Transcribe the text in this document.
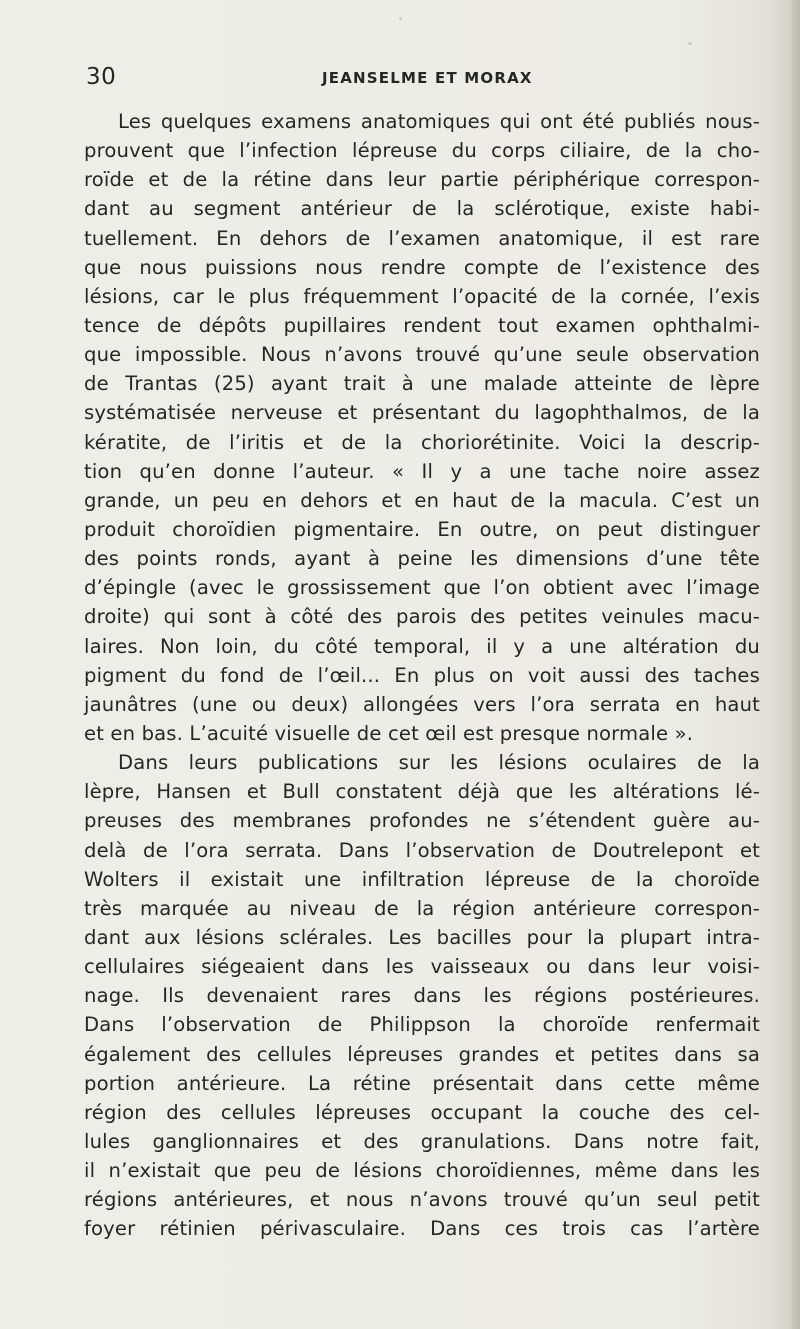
30	JEANSELME ET MORAX
Les quelques examens anatomiques qui ont été publiés nous-
prouvent que l’infection lépreuse du corps ciliaire, de la cho-
roïde et de la rétine dans leur partie périphérique correspon-
dant au segment antérieur de la sclérotique, existe habi-
tuellement. En dehors de l’examen anatomique, il est rare
que nous puissions nous rendre compte de l’existence des
lésions, car le plus fréquemment l’opacité de la cornée, l’exis
tence de dépôts pupillaires rendent tout examen ophthalmi-
que impossible. Nous n’avons trouvé qu’une seule observation
de Trantas (25) ayant trait à une malade atteinte de lèpre
systématisée nerveuse et présentant du lagophthalmos, de la
kératite, de l’iritis et de la choriorétinite. Voici la descrip-
tion qu’en donne l’auteur. « Il y a une tache noire assez
grande, un peu en dehors et en haut de la macula. C’est un
produit choroïdien pigmentaire. En outre, on peut distinguer
des points ronds, ayant à peine les dimensions d’une tête
d’épingle (avec le grossissement que l’on obtient avec l’image
droite) qui sont à côté des parois des petites veinules macu-
laires. Non loin, du côté temporal, il y a une altération du
pigment du fond de l’œil... En plus on voit aussi des taches
jaunâtres (une ou deux) allongées vers l’ora serrata en haut
et en bas. L’acuité visuelle de cet œil est presque normale ».
Dans leurs publications sur les lésions oculaires de la
lèpre, Hansen et Bull constatent déjà que les altérations lé-
preuses des membranes profondes ne s’étendent guère au-
delà de l’ora serrata. Dans l’observation de Doutrelepont et
Wolters il existait une infiltration lépreuse de la choroïde
très marquée au niveau de la région antérieure correspon-
dant aux lésions sclérales. Les bacilles pour la plupart intra-
cellulaires siégeaient dans les vaisseaux ou dans leur voisi-
nage. Ils devenaient rares dans les régions postérieures.
Dans l’observation de Philippson la choroïde renfermait
également des cellules lépreuses grandes et petites dans sa
portion antérieure. La rétine présentait dans cette même
région des cellules lépreuses occupant la couche des cel-
lules ganglionnaires et des granulations. Dans notre fait,
il n’existait que peu de lésions choroïdiennes, même dans les
régions antérieures, et nous n’avons trouvé qu’un seul petit
foyer rétinien périvasculaire. Dans ces trois cas l’artère
